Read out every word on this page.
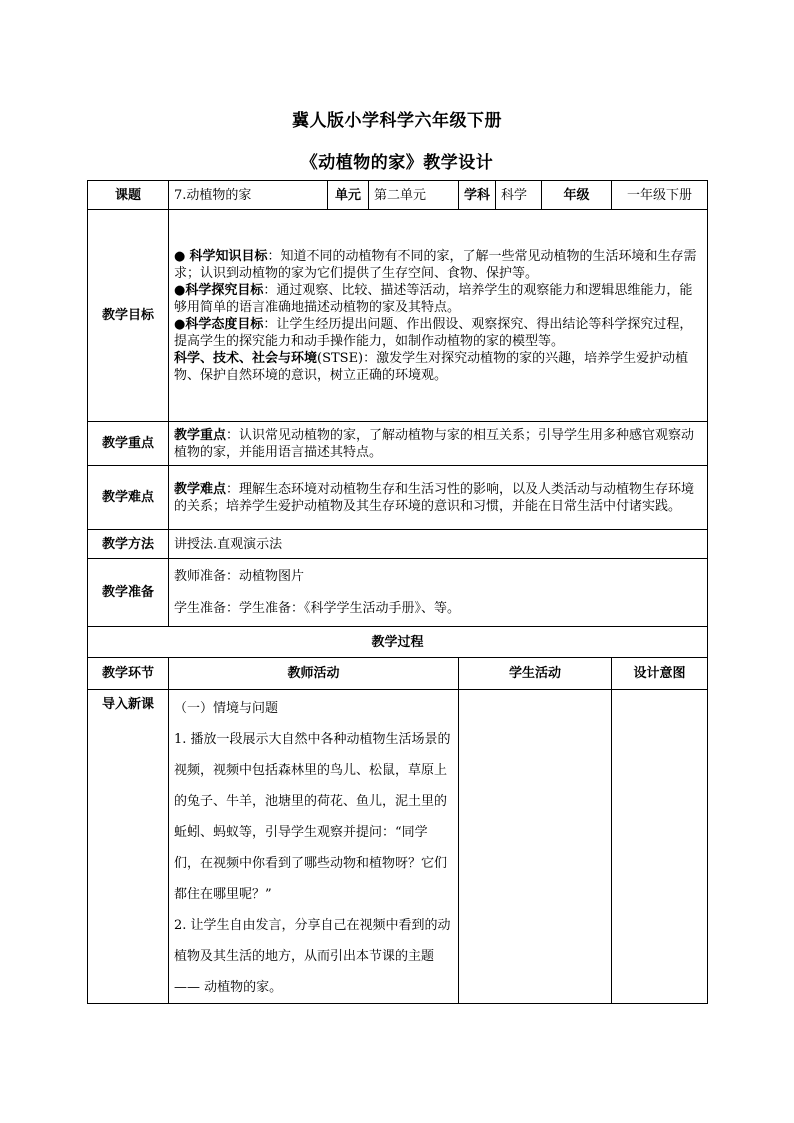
冀人版小学科学六年级下册
《动植物的家》教学设计
课题	7.动植物的家	单元	第二单元	学科	科学	年级	一年级下册
教学目标	● 科学知识目标：知道不同的动植物有不同的家，了解一些常见动植物的生活环境和生存需求；认识到动植物的家为它们提供了生存空间、食物、保护等。

●科学探究目标：通过观察、比较、描述等活动，培养学生的观察能力和逻辑思维能力，能够用简单的语言准确地描述动植物的家及其特点。

●科学态度目标：让学生经历提出问题、作出假设、观察探究、得出结论等科学探究过程，提高学生的探究能力和动手操作能力，如制作动植物的家的模型等。

科学、技术、社会与环境(STSE)：激发学生对探究动植物的家的兴趣，培养学生爱护动植物、保护自然环境的意识，树立正确的环境观。						

教学重点	教学重点：认识常见动植物的家，了解动植物与家的相互关系；引导学生用多种感官观察动植物的家，并能用语言描述其特点。						
教学难点	教学难点：理解生态环境对动植物生存和生活习性的影响，以及人类活动与动植物生存环境的关系；培养学生爱护动植物及其生存环境的意识和习惯，并能在日常生活中付诸实践。						
教学方法	讲授法.直观演示法						
教学准备	教师准备：动植物图片

学生准备：学生准备：《科学学生活动手册》、等。						

教学过程							
教学环节	教师活动			学生活动			设计意图
导入新课	（一）情境与问题

1. 播放一段展示大自然中各种动植物生活场景的视频，视频中包括森林里的鸟儿、松鼠，草原上的兔子、牛羊，池塘里的荷花、鱼儿，泥土里的蚯蚓、蚂蚁等，引导学生观察并提问：“同学们，在视频中你看到了哪些动物和植物呀？它们都住在哪里呢？”

2. 让学生自由发言，分享自己在视频中看到的动植物及其生活的地方，从而引出本节课的主题 —— 动植物的家。						
